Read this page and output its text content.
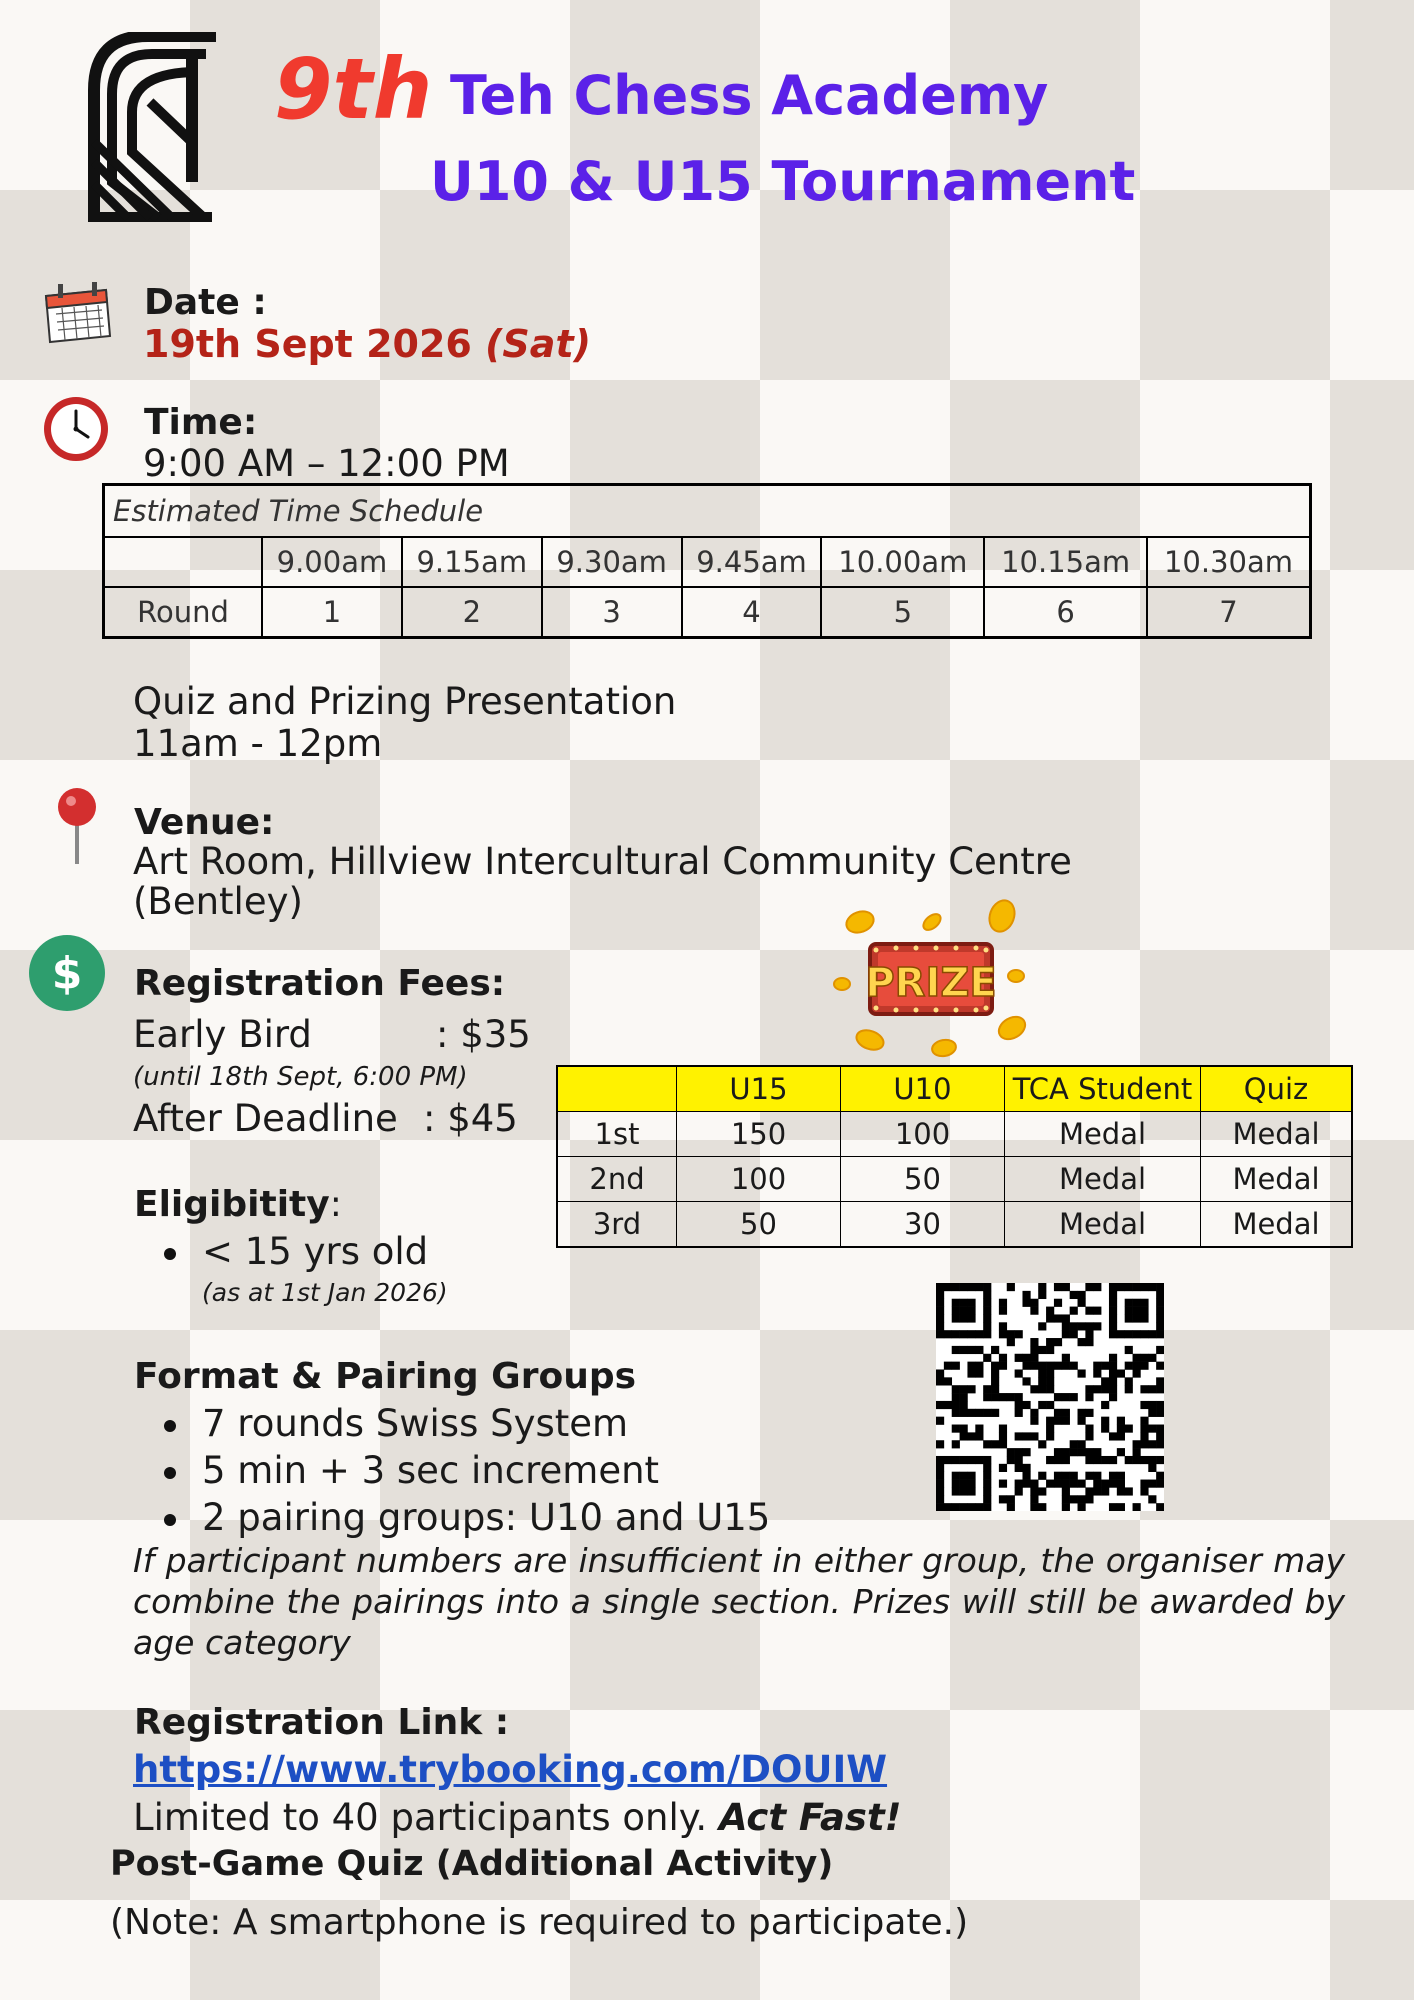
9th Teh Chess Academy
U10 & U15 Tournament
Date :
19th Sept 2026 (Sat)
Time:
9:00 AM – 12:00 PM
Estimated Time Schedule							
	9.00am	9.15am	9.30am	9.45am	10.00am	10.15am	10.30am
Round	1	2	3	4	5	6	7
Quiz and Prizing Presentation
11am - 12pm
Venue:
Art Room, Hillview Intercultural Community Centre
(Bentley)
$ Registration Fees:
Early Bird	: $35
(until 18th Sept, 6:00 PM)
After Deadline : $45
PRIZE
	U15	U10	TCA Student	Quiz
1st	150	100	Medal	Medal
2nd	100	50	Medal	Medal
3rd	50	30	Medal	Medal
Eligibitity:
< 15 yrs old
(as at 1st Jan 2026)
Format & Pairing Groups
7 rounds Swiss System
5 min + 3 sec increment
2 pairing groups: U10 and U15
If participant numbers are insufficient in either group, the organiser may combine the pairings into a single section. Prizes will still be awarded by age category
Registration Link :
https://www.trybooking.com/DOUIW
Limited to 40 participants only. Act Fast!
Post-Game Quiz (Additional Activity)
(Note: A smartphone is required to participate.)
